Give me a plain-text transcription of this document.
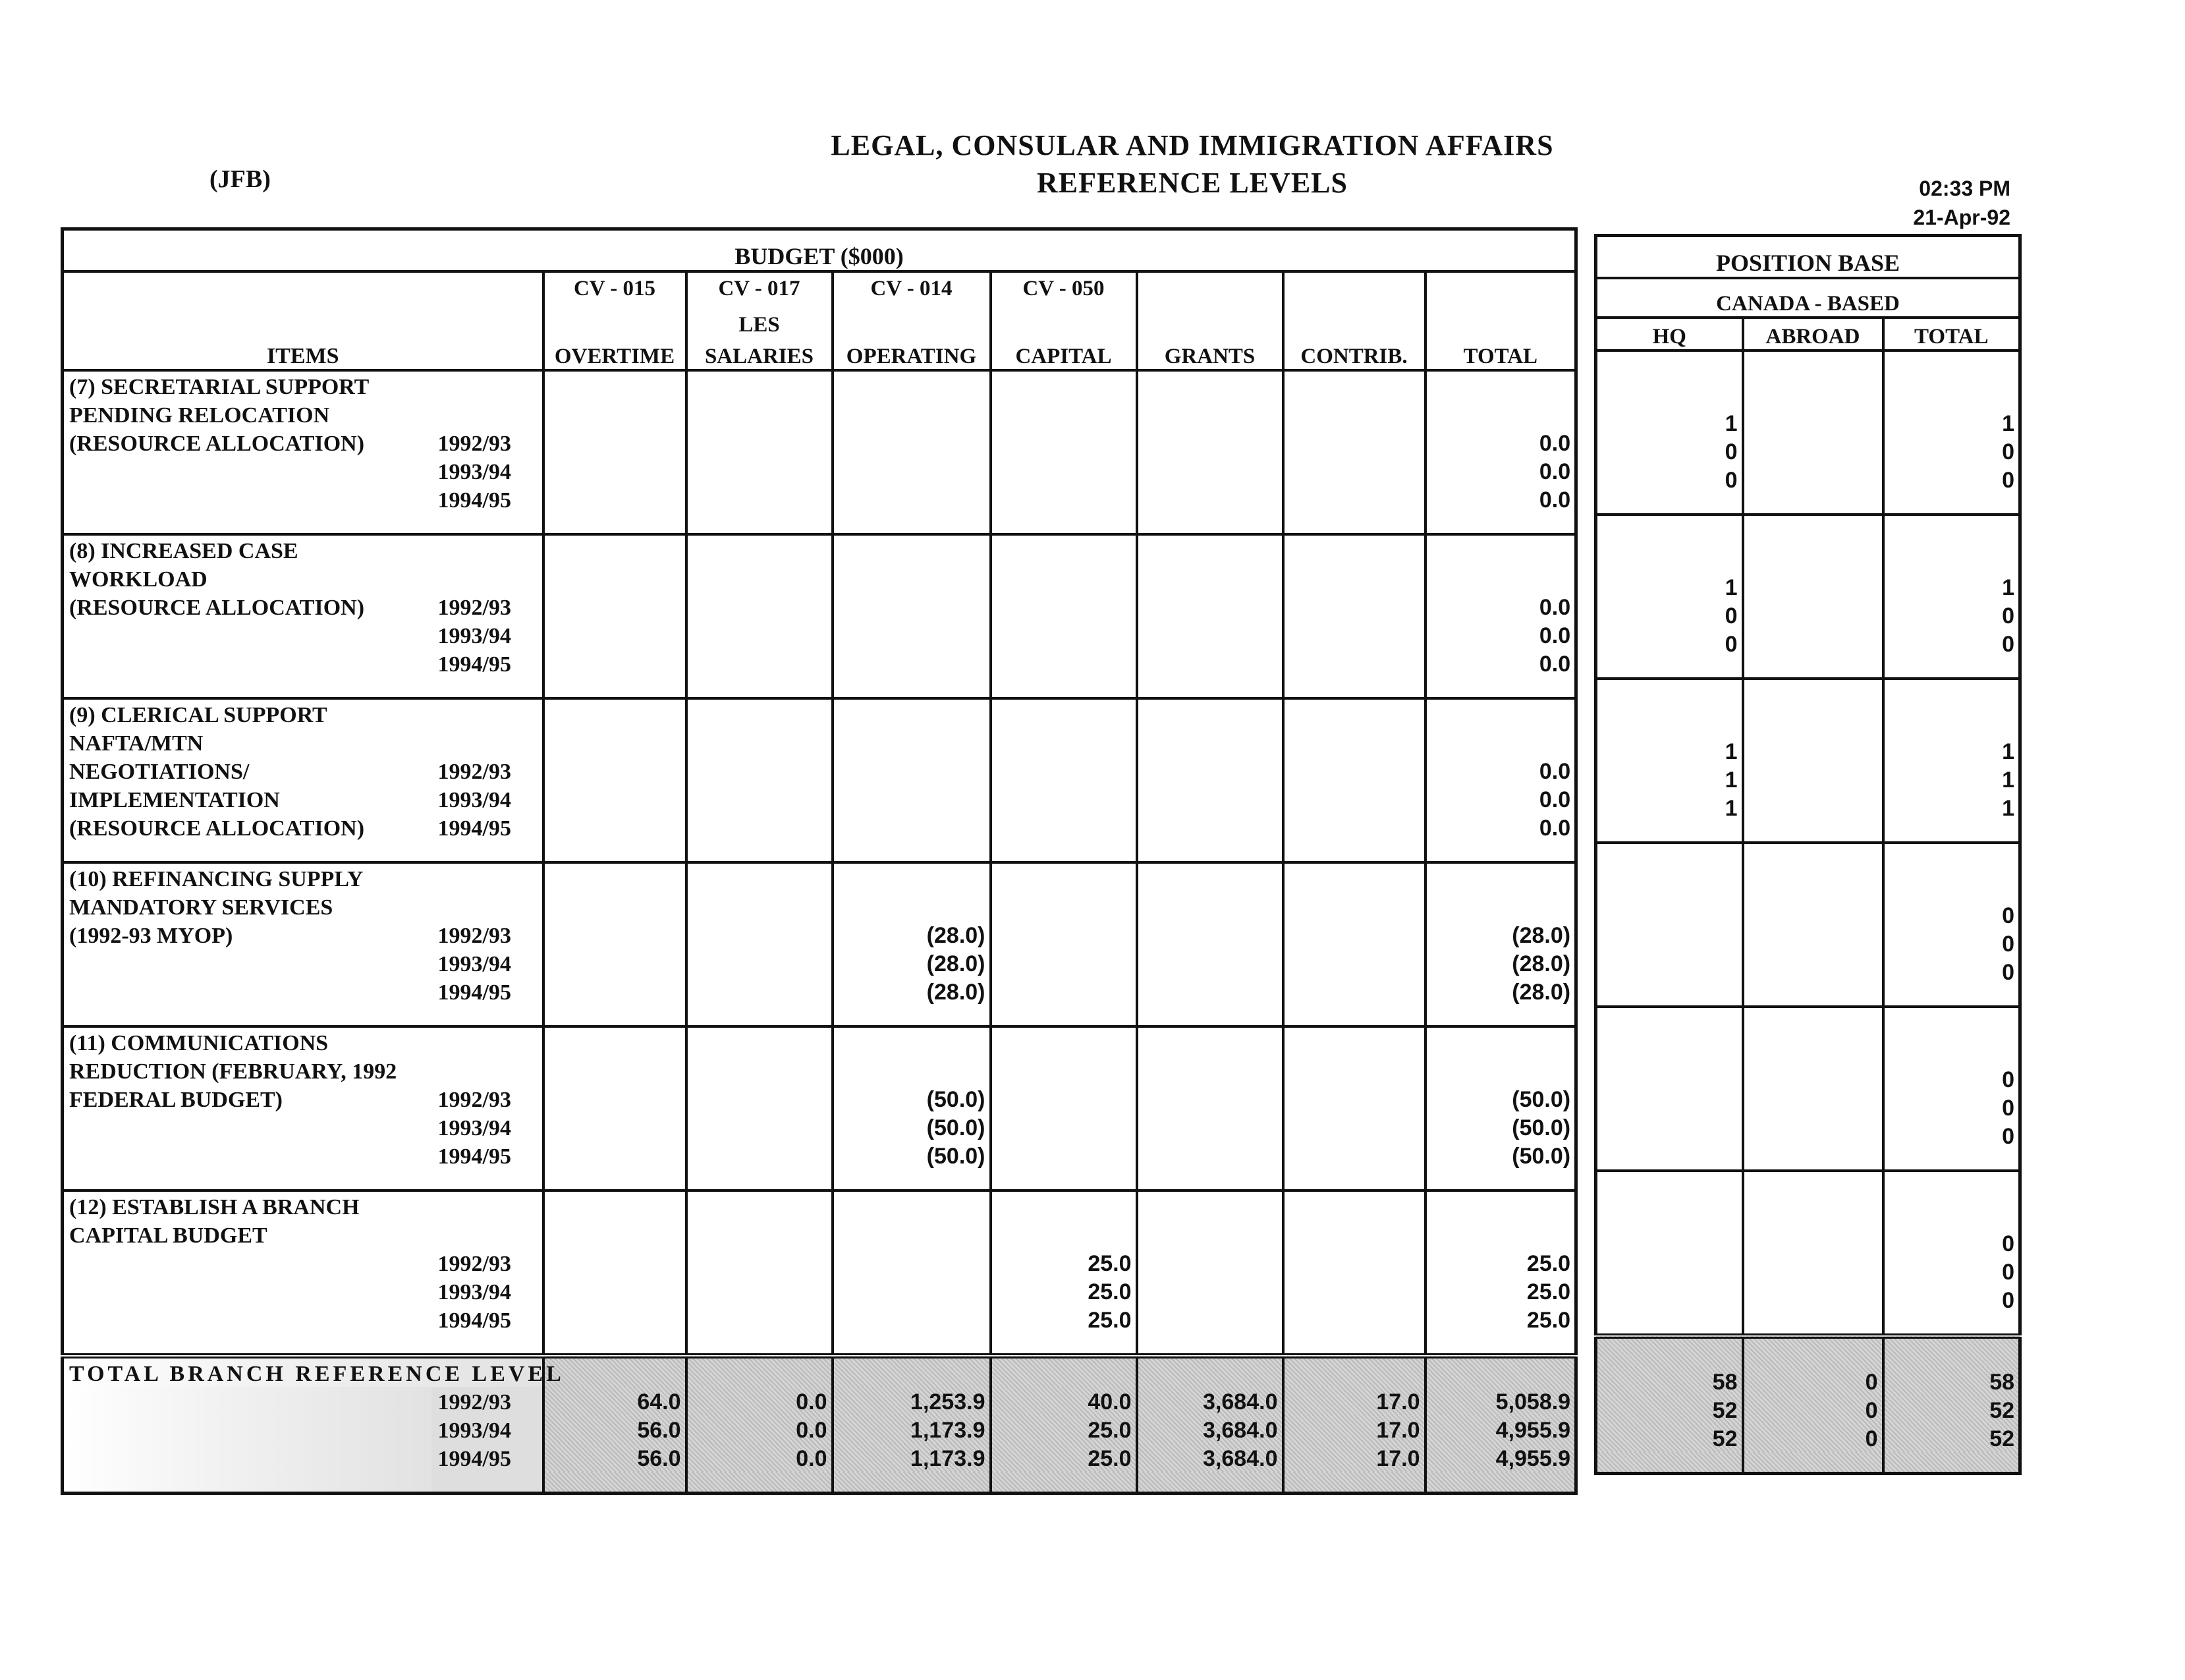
(JFB)
LEGAL, CONSULAR AND IMMIGRATION AFFAIRS
REFERENCE LEVELS	02:33 PM
21-Apr-92
BUDGET ($000)								
		CV - 015	CV - 017	CV - 014	CV - 050			
			LES					
ITEMS		OVERTIME	SALARIES	OPERATING	CAPITAL	GRANTS	CONTRIB.	TOTAL
(7) SECRETARIAL SUPPORT								
PENDING RELOCATION								
(RESOURCE ALLOCATION)	1992/93							0.0
	1993/94							0.0
	1994/95							0.0

(8) INCREASED CASE								
WORKLOAD								
(RESOURCE ALLOCATION)	1992/93							0.0
	1993/94							0.0
	1994/95							0.0

(9) CLERICAL SUPPORT								
NAFTA/MTN								
NEGOTIATIONS/	1992/93							0.0
IMPLEMENTATION	1993/94							0.0
(RESOURCE ALLOCATION)	1994/95							0.0

(10) REFINANCING SUPPLY								
MANDATORY SERVICES								
(1992-93 MYOP)	1992/93			(28.0)				(28.0)
	1993/94			(28.0)				(28.0)
	1994/95			(28.0)				(28.0)

(11) COMMUNICATIONS								
REDUCTION (FEBRUARY, 1992								
FEDERAL BUDGET)	1992/93			(50.0)				(50.0)
	1993/94			(50.0)				(50.0)
	1994/95			(50.0)				(50.0)

(12) ESTABLISH A BRANCH								
CAPITAL BUDGET								
	1992/93				25.0			25.0
	1993/94				25.0			25.0
	1994/95				25.0			25.0

TOTAL BRANCH REFERENCE LEVEL								
	1992/93	64.0	0.0	1,253.9	40.0	3,684.0	17.0	5,058.9
	1993/94	56.0	0.0	1,173.9	25.0	3,684.0	17.0	4,955.9
	1994/95	56.0	0.0	1,173.9	25.0	3,684.0	17.0	4,955.9

POSITION BASE		
CANADA - BASED		
HQ	ABROAD	TOTAL

1		1
0		0
0		0

1		1
0		0
0		0

1		1
1		1
1		1

		0
		0
		0

		0
		0
		0

		0
		0
		0

58	0	58
52	0	52
52	0	52
